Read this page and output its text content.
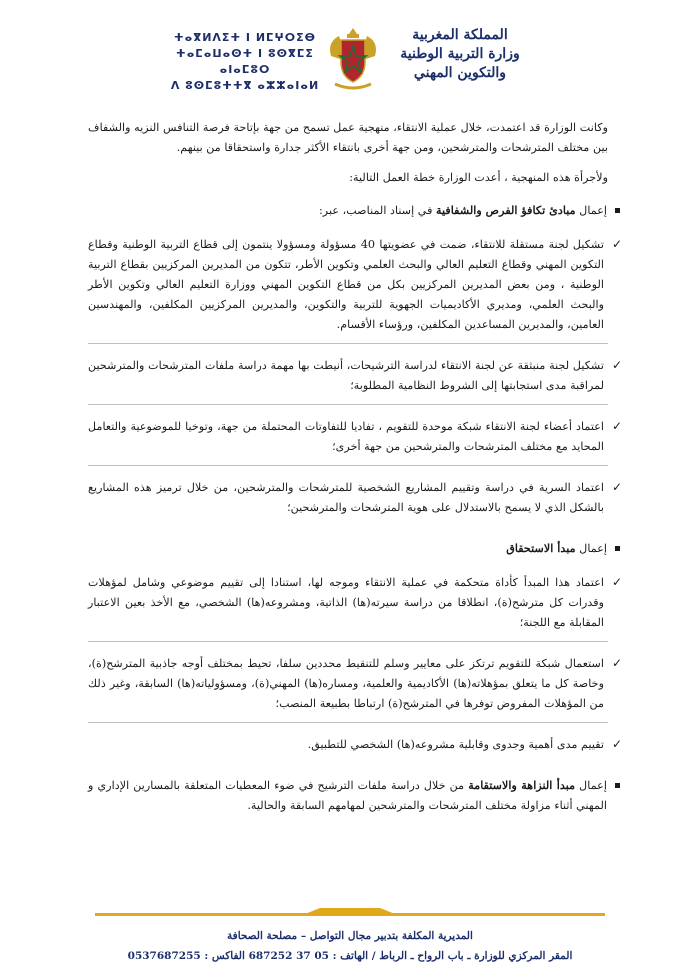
ⵜⴰⴳⵍⴷⵉⵜ ⵏ ⵍⵎⵖⵔⵉⴱ
ⵜⴰⵎⴰⵡⴰⵙⵜ ⵏ ⵓⵙⴳⵎⵉ ⴰⵏⴰⵎⵓⵔ
ⴷ ⵓⵙⵎⵓⵜⵜⴳ ⴰⵣⵣⴰⵏⴰⵍ
المملكة المغربية
وزارة التربية الوطنية
والتكوين المهني

وكانت الوزارة قد اعتمدت، خلال عملية الانتقاء، منهجية عمل تسمح من جهة بإتاحة فرصة التنافس النزيه والشفاف بين مختلف المترشحات والمترشحين، ومن جهة أخرى بانتقاء الأكثر جدارة واستحقاقا من بينهم.

ولأجرأة هذه المنهجية ، أعدت الوزارة خطة العمل التالية:

إعمال مبادئ تكافؤ الفرص والشفافية في إسناد المناصب، عبر:
✓
تشكيل لجنة مستقلة للانتقاء، ضمت في عضويتها 40 مسؤولة ومسؤولا ينتمون إلى قطاع التربية الوطنية وقطاع التكوين المهني وقطاع التعليم العالي والبحث العلمي وتكوين الأطر، تتكون من المديرين المركزيين بقطاع التربية الوطنية ، ومن بعض المديرين المركزيين بكل من قطاع التكوين المهني ووزارة التعليم العالي وتكوين الأطر والبحث العلمي، ومديري الأكاديميات الجهوية للتربية والتكوين، والمديرين المركزيين المكلفين، والمهندسين العامين، والمديرين المساعدين المكلفين، ورؤساء الأقسام.
✓
تشكيل لجنة منبثقة عن لجنة الانتقاء لدراسة الترشيحات، أنيطت بها مهمة دراسة ملفات المترشحات والمترشحين لمراقبة مدى استجابتها إلى الشروط النظامية المطلوبة؛
✓
اعتماد أعضاء لجنة الانتقاء شبكة موحدة للتقويم ، تفاديا للتفاوتات المحتملة من جهة، وتوخيا للموضوعية والتعامل المحايد مع مختلف المترشحات والمترشحين من جهة أخرى؛
✓
اعتماد السرية في دراسة وتقييم المشاريع الشخصية للمترشحات والمترشحين، من خلال ترميز هذه المشاريع بالشكل الذي لا يسمح بالاستدلال على هوية المترشحات والمترشحين؛
إعمال مبدأ الاستحقاق
✓
اعتماد هذا المبدأ كأداة متحكمة في عملية الانتقاء وموجه لها، استنادا إلى تقييم موضوعي وشامل لمؤهلات وقدرات كل مترشح(ة)، انطلاقا من دراسة سيرته(ها) الذاتية، ومشروعه(ها) الشخصي، مع الأخذ بعين الاعتبار المقابلة مع اللجنة؛
✓
استعمال شبكة للتقويم ترتكز على معايير وسلم للتنقيط محددين سلفا، تحيط بمختلف أوجه جاذبية المترشح(ة)، وخاصة كل ما يتعلق بمؤهلاته(ها) الأكاديمية والعلمية، ومساره(ها) المهني(ة)، ومسؤولياته(ها) السابقة، وغير ذلك من المؤهلات المفروض توفرها في المترشح(ة) ارتباطا بطبيعة المنصب؛
✓
تقييم مدى أهمية وجدوى وقابلية مشروعه(ها) الشخصي للتطبيق.
إعمال مبدأ النزاهة والاستقامة من خلال دراسة ملفات الترشيح في ضوء المعطيات المتعلقة بالمسارين الإداري و المهني أثناء مزاولة مختلف المترشحات والمترشحين لمهامهم السابقة والحالية.
المديرية المكلفة بتدبير مجال التواصل – مصلحة الصحافة
المقر المركزي للوزارة ـ باب الرواح ـ الرباط / الهاتف : 05 37 687252 الفاكس : 0537687255
